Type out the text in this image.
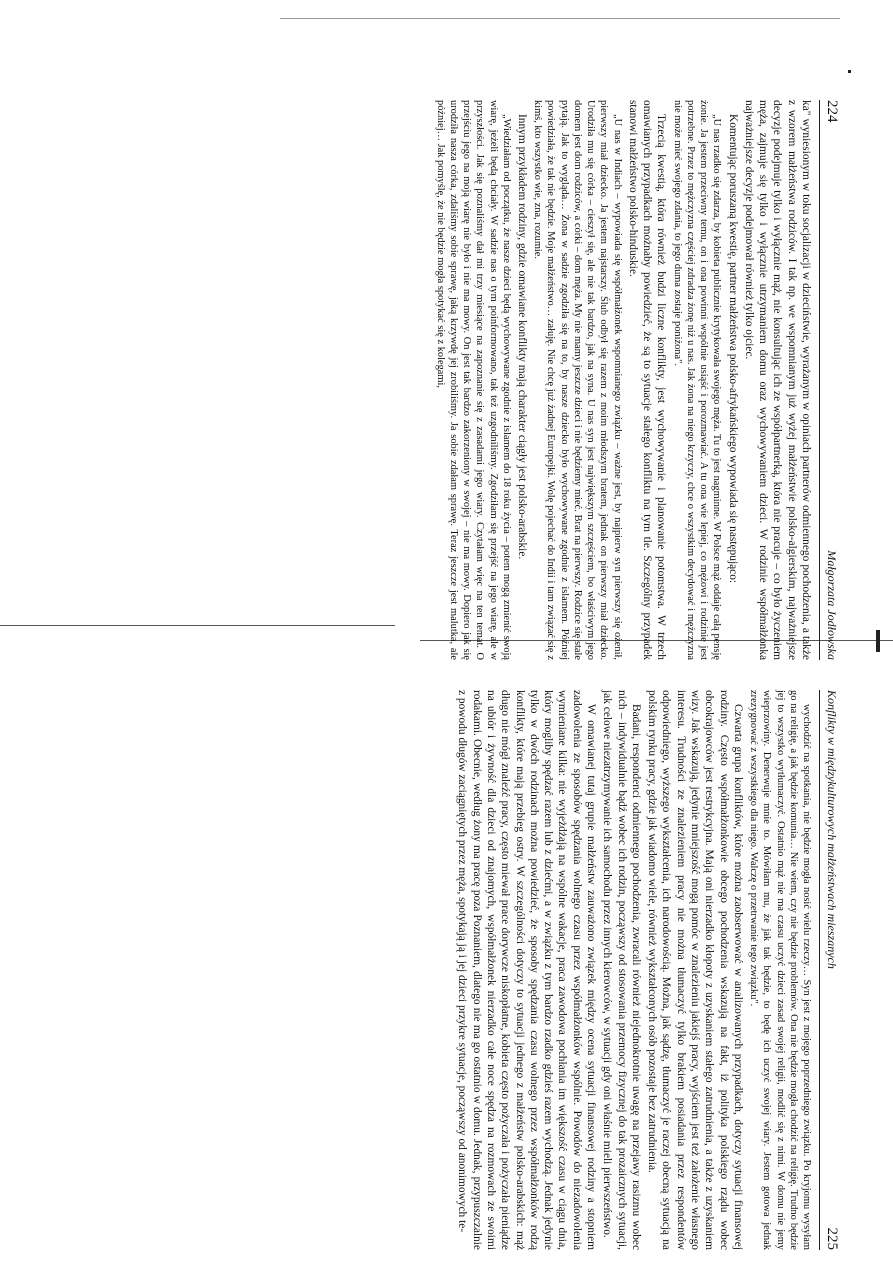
224
Małgorzata Jodłowska

ka" wyniesionym w toku socjalizacji w dzieciństwie, wyrażanym w opiniach partnerów odmiennego pochodzenia, a także z wzorem małżeństwa rodziców. I tak np. we wspomnianym już wyżej małżeństwie polsko-algierskim, najważniejsze decyzje podejmuje tylko i wyłącznie mąż, nie konsultując ich ze współpartnerką, która nie pracuje – co było życzeniem męża, zajmuje się tylko i wyłącznie utrzymaniem domu oraz wychowywaniem dzieci. W rodzinie współmałżonka najważniejsze decyzje podejmował również tylko ojciec.

Komentując poruszaną kwestię, partner małżeństwa polsko-afrykańskiego wypowiada się następująco:

„U nas rzadko się zdarza, by kobieta publicznie krytykowała swojego męża. Tu to jest nagminne. W Polsce mąż oddaje całą pensję żonie. Ja jestem przeciwny temu, on i ona powinni wspólnie usiąść i porozmawiać. A tu ona wie lepiej, co mężowi i rodzinie jest potrzebne. Przez to mężczyzna częściej zdradza żonę niż u nas. Jak żona na niego krzyczy, chce o wszystkim decydować i mężczyzna nie może mieć swojego zdania, to jego duma zostaje poniżona".

Trzecią kwestią, która również budzi liczne konflikty, jest wychowywanie i planowanie potomstwa. W trzech omawianych przypadkach możnaby powiedzieć, że są to sytuacje stałego konfliktu na tym tle. Szczególny przypadek stanowi małżeństwo polsko-hinduskie.

„U nas w Indiach – wypowiada się współmałżonek wspomnianego związku – ważne jest, by najpierw syn pierwszy się ożenił, pierwszy miał dziecko. Ja jestem najstarszy. Ślub odbył się razem z moim młodszym bratem, jednak on pierwszy miał dziecko. Urodziła mu się córka – cieszył się, ale nie tak bardzo, jak na syna. U nas syn jest największym szczęściem, bo właściwym jego domem jest dom rodziców, a córki – dom męża. My nie mamy jeszcze dzieci i nie będziemy mieć. Brat na pierwszy. Rodzice się stale pytają. Jak to wygląda… Żona w sadzie zgodziła się na to, by nasze dziecko było wychowywane zgodnie z islamem. Później powiedziała, że tak nie będzie. Moje małżeństwo… załuję. Nie chcę już żadnej Europejki. Wolę pojechać do Indii i tam związać się z kimś, kto wszystko wie, zna, rozumie.

Innym przykładem rodziny, gdzie omawiane konflikty mają charakter ciągły jest polsko-arabskie.

„Wiedziałam od początku, że nasze dzieci będą wychowywane zgodnie z islamem do 18 roku życia – potem mogą zmienić swoją wiarę, jeżeli będą chciały. W sadzie nas o tym poinformowano, tak też uzgodniliśmy. Zgodziłam się przejść na jego wiarę, ale w przyszłości. Jak się poznaliśmy dał mi trzy miesiące na zapoznanie się z zasadami jego wiary. Czytałam więc na ten temat. O przejściu jego na moją wiarę nie było i nie ma mowy. On jest tak bardzo zakorzeniony w swojej – nie ma mowy. Dopiero jak się urodziła nasza córka, zdaliśmy sobie sprawę, jaką krzywdę jej zrobiliśmy. Ja sobie zdałam sprawę. Teraz jeszcze jest malutka, ale później… Jak pomyślę, że nie będzie mogła spotykać się z kolegami,

Konflikty w międzykulturowych małżeństwach mieszanych
225

wychodzić na spotkania, nie będzie mogła nosić wielu rzeczy… Syn jest z mojego poprzedniego związku. Po kryjomu wysyłam go na religię, a jak będzie komunia… Nie wiem, czy nie będzie problemów. Ona nie będzie mogła chodzić na religię. Trudno będzie jej to wszystko wytłumaczyć. Ostatnio mąż nie ma czasu uczyć dzieci zasad swojej religii, modlić się z nimi. W domu nie jemy wieprzowiny. Denerwuje mnie to. Mówiłam mu, że jak tak będzie, to będę ich uczyć swojej wiary. Jestem gotowa jednak zrezygnować z wszystkiego dla niego. Walczę o przetrwanie tego związku".

Czwarta grupa konfliktów, które można zaobserwować w analizowanych przypadkach, dotyczy sytuacji finansowej rodziny. Często współmałżonkowie obcego pochodzenia wskazują na fakt, iż polityka polskiego rządu wobec obcokrajowców jest restrykcyjna. Mają oni nierzadko kłopoty z uzyskaniem stałego zatrudnienia, a także z uzyskaniem wizy. Jak wskazują, jedynie mniejszość mogą pomóc w znalezieniu jakiejś pracy, wyjściem jest też założenie własnego interesu. Trudności ze znalezieniem pracy nie można tłumaczyć tylko brakiem posiadania przez respondentów odpowiedniego, wyższego wykształcenia, ich narodowością. Można, jak sądzę, tłumaczyć je raczej obecną sytuacją na polskim rynku pracy, gdzie jak wiadomo wiele, również wykształconych osób pozostaje bez zatrudnienia.

Badani, respondenci odmiennego pochodzenia, zwracali również niejednokrotnie uwagę na przejawy rasizmu wobec nich – indywidualnie bądź wobec ich rodzin, począwszy od stosowania przemocy fizycznej do tak prozaicznych sytuacji, jak celowe niezatrzymywanie ich samochodu przez innych kierowców, w sytuacji gdy oni właśnie mieli pierwszeństwo.

W omawianej tutaj grupie małżeństw zauważono związek między ocena sytuacji finansowej rodziny a stopniem zadowolenia ze sposobów spędzania wolnego czasu przez współmałżonków wspólnie. Powodów do niezadowolenia wymieniane kilka: nie wyjeżdżają na wspólne wakacje, praca zawodowa pochłania im większość czasu w ciągu dnia, który mogliby spędzać razem lub z dziećmi, a w związku z tym bardzo rzadko gdzieś razem wychodzą. Jednak jedynie tylko w dwóch rodzinach można powiedzieć, że sposoby spędzania czasu wolnego przez współmałżonków rodzą konflikty, które mają przebieg ostry. W szczególności dotyczy to sytuacji jednego z małżeństw polsko-arabskich: mąż długo nie mógł znaleźć pracy, często miewał prace dorywcze niskopłatne, kobieta często pożyczała i pożyczała pieniądze na ubiór i żywność dla dzieci od znajomych, współmałżonek nierzadko całe noce spędza na rozmowach ze swoimi rodakami. Obecnie, według żony ma pracę poza Poznaniem, dlatego nie ma go ostatnio w domu. Jednak, przypuszczalnie z powodu długów zaciągniętych przez męża, spotykają ją i jej dzieci przykre sytuacje, począwszy od anonimowych te-
